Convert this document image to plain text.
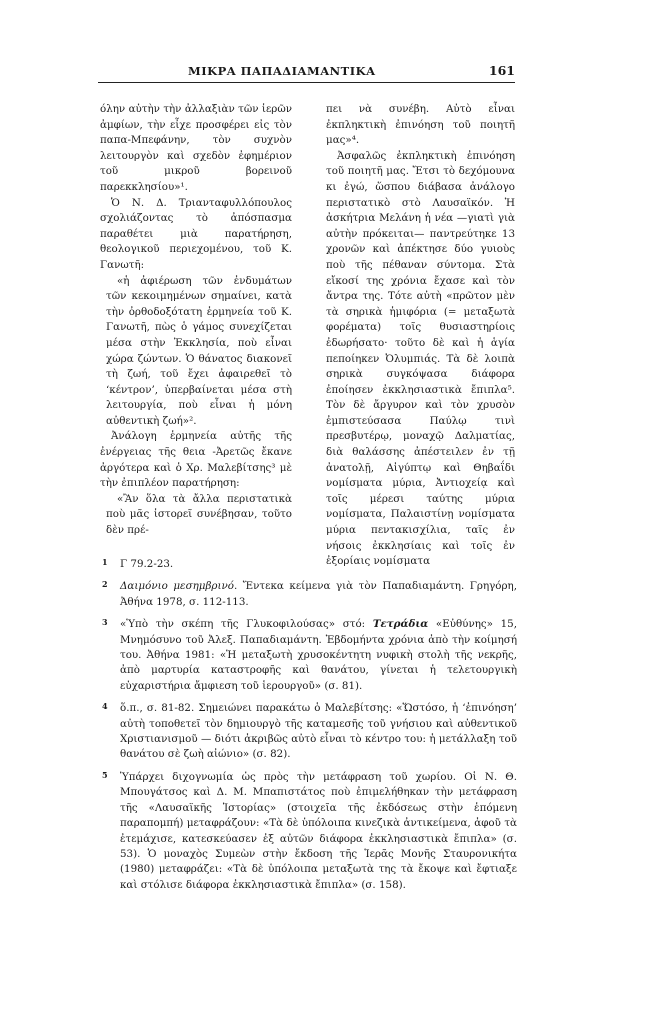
ΜΙΚΡΑ ΠΑΠΑΔΙΑΜΑΝΤΙΚΑ	161

όλην αὐτὴν τὴν ἀλλαξιὰν τῶν ἱερῶν ἀμφίων, τὴν εἶχε προσφέρει εἰς τὸν παπα-Μπεφάνην, τὸν συχνὸν λειτουργὸν καὶ σχεδὸν ἐφημέριον τοῦ μικροῦ βορεινοῦ παρεκκλησίου»¹.

Ὁ Ν. Δ. Τριανταφυλλόπουλος σχολιάζοντας τὸ ἀπόσπασμα παραθέτει μιὰ παρατήρηση, θεολογικοῦ περιεχομένου, τοῦ Κ. Γανωτῆ:

«ἡ ἀφιέρωση τῶν ἐνδυμάτων τῶν κεκοιμημένων σημαίνει, κατὰ τὴν ὀρθοδοξότατη ἑρμηνεία τοῦ Κ. Γανωτῆ, πὼς ὁ γάμος συνεχίζεται μέσα στὴν Ἐκκλησία, ποὺ εἶναι χώρα ζώντων. Ὁ θάνατος διακονεῖ τὴ ζωή, τοῦ ἔχει ἀφαιρεθεῖ τὸ ‘κέντρον’, ὑπερβαίνεται μέσα στὴ λειτουργία, ποὺ εἶναι ἡ μόνη αὐθεντικὴ ζωή»².

Ἀνάλογη ἑρμηνεία αὐτῆς τῆς ἐνέργειας τῆς θεια -Ἀρετῶς ἔκανε ἀργότερα καὶ ὁ Χρ. Μαλεβίτσης³ μὲ τὴν ἐπιπλέον παρατήρηση:

«Ἂν ὅλα τὰ ἄλλα περιστατικὰ ποὺ μᾶς ἱστορεῖ συνέβησαν, τοῦτο δὲν πρέ-

πει νὰ συνέβη. Αὐτὸ εἶναι ἐκπληκτικὴ ἐπινόηση τοῦ ποιητῆ μας»⁴.

Ἀσφαλῶς ἐκπληκτικὴ ἐπινόηση τοῦ ποιητῆ μας. Ἔτσι τὸ δεχόμουνα κι ἐγώ, ὥσπου διάβασα ἀνάλογο περιστατικὸ στὸ Λαυσαϊκόν. Ἡ ἀσκήτρια Μελάνη ἡ νέα —γιατὶ γιὰ αὐτὴν πρόκειται— παντρεύτηκε 13 χρονῶν καὶ ἀπέκτησε δύο γυιοὺς ποὺ τῆς πέθαναν σύντομα. Στὰ εἴκοσί της χρόνια ἔχασε καὶ τὸν ἄντρα της. Τότε αὐτὴ «πρῶτον μὲν τὰ σηρικὰ ἡμιφόρια (= μεταξωτὰ φορέματα) τοῖς θυσιαστηρίοις ἐδωρήσατο· τοῦτο δὲ καὶ ἡ ἁγία πεποίηκεν Ὀλυμπιάς. Τὰ δὲ λοιπὰ σηρικὰ συγκόψασα διάφορα ἐποίησεν ἐκκλησιαστικὰ ἔπιπλα⁵. Τὸν δὲ ἄργυρον καὶ τὸν χρυσὸν ἐμπιστεύσασα Παύλῳ τινὶ πρεσβυτέρῳ, μοναχῷ Δαλματίας, διὰ θαλάσσης ἀπέστειλεν ἐν τῇ ἀνατολῇ, Αἰγύπτῳ καὶ Θηβαΐδι νομίσματα μύρια, Ἀντιοχείᾳ καὶ τοῖς μέρεσι ταύτης μύρια νομίσματα, Παλαιστίνῃ νομίσματα μύρια πεντακισχίλια, ταῖς ἐν νήσοις ἐκκλησίαις καὶ τοῖς ἐν ἐξορίαις νομίσματα

1 Γ 79.2-23.
2 Δαιμόνιο μεσημβρινό. Ἔντεκα κείμενα γιὰ τὸν Παπαδιαμάντη. Γρηγόρη, Ἀθήνα 1978, σ. 112-113.
3 «Ὑπὸ τὴν σκέπη τῆς Γλυκοφιλούσας» στό: Τετράδια «Εὐθύνης» 15, Μνημόσυνο τοῦ Ἀλεξ. Παπαδιαμάντη. Ἑβδομήντα χρόνια ἀπὸ τὴν κοίμησή του. Ἀθήνα 1981: «Ἡ μεταξωτὴ χρυσοκέντητη νυφικὴ στολὴ τῆς νεκρῆς, ἀπὸ μαρτυρία καταστροφῆς καὶ θανάτου, γίνεται ἡ τελετουργικὴ εὐχαριστήρια ἄμφιεση τοῦ ἱερουργοῦ» (σ. 81).
4 ὅ.π., σ. 81-82. Σημειώνει παρακάτω ὁ Μαλεβίτσης: «Ὥστόσο, ἡ ‘ἐπινόηση’ αὐτὴ τοποθετεῖ τὸν δημιουργὸ τῆς καταμεσῆς τοῦ γνήσιου καὶ αὐθεντικοῦ Χριστιανισμοῦ — διότι ἀκριβῶς αὐτὸ εἶναι τὸ κέντρο του: ἡ μετάλλαξη τοῦ θανάτου σὲ ζωὴ αἰώνιο» (σ. 82).
5 Ὑπάρχει διχογνωμία ὡς πρὸς τὴν μετάφραση τοῦ χωρίου. Οἱ Ν. Θ. Μπουγάτσος καὶ Δ. Μ. Μπαπιστάτος ποὺ ἐπιμελήθηκαν τὴν μετάφραση τῆς «Λαυσαϊκῆς Ἱστορίας» (στοιχεῖα τῆς ἐκδόσεως στὴν ἑπόμενη παραπομπή) μεταφράζουν: «Τὰ δὲ ὑπόλοιπα κινεζικὰ ἀντικείμενα, ἀφοῦ τὰ ἐτεμάχισε, κατεσκεύασεν ἐξ αὐτῶν διάφορα ἐκκλησιαστικὰ ἔπιπλα» (σ. 53). Ὁ μοναχὸς Συμεὼν στὴν ἔκδοση τῆς Ἱερᾶς Μονῆς Σταυρονικήτα (1980) μεταφράζει: «Τὰ δὲ ὑπόλοιπα μεταξωτὰ της τὰ ἔκοψε καὶ ἔφτιαξε καὶ στόλισε διάφορα ἐκκλησιαστικὰ ἔπιπλα» (σ. 158).
